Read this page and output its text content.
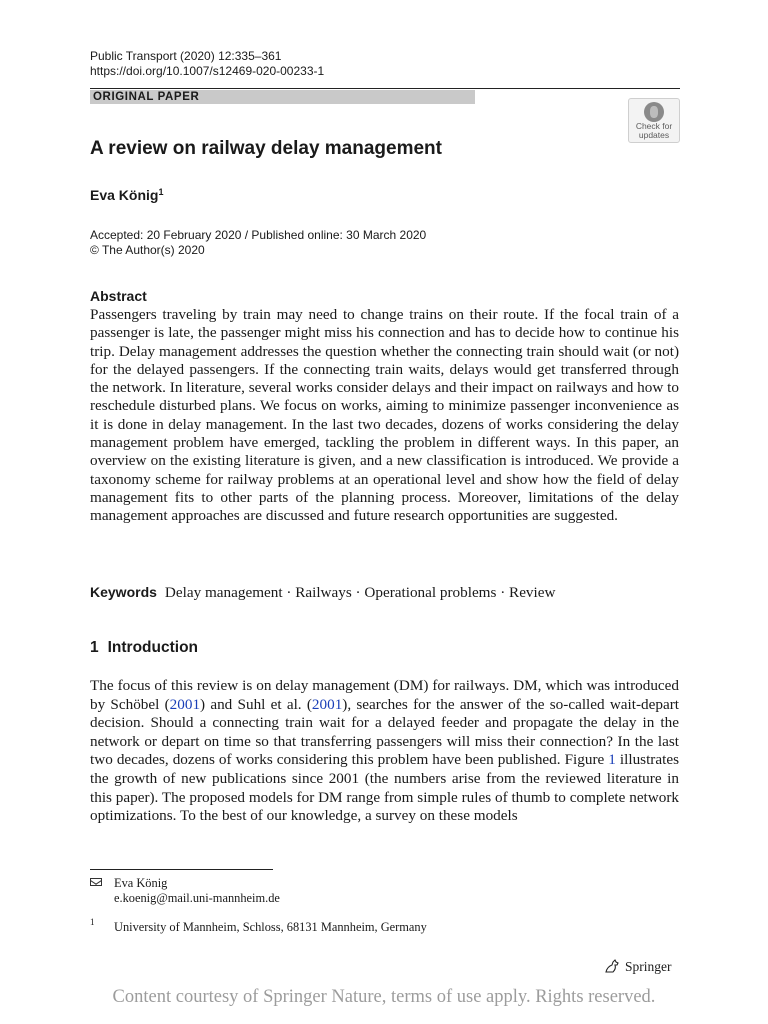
Public Transport (2020) 12:335–361
https://doi.org/10.1007/s12469-020-00233-1
ORIGINAL PAPER
Check for
updates
A review on railway delay management
Eva König$^1$
Accepted: 20 February 2020 / Published online: 30 March 2020
© The Author(s) 2020
Abstract
Passengers traveling by train may need to change trains on their route. If the focal train of a passenger is late, the passenger might miss his connection and has to decide how to continue his trip. Delay management addresses the question whether the connecting train should wait (or not) for the delayed passengers. If the connecting train waits, delays would get transferred through the network. In literature, several works consider delays and their impact on railways and how to reschedule disturbed plans. We focus on works, aiming to minimize passenger inconvenience as it is done in delay management. In the last two decades, dozens of works considering the delay management problem have emerged, tackling the problem in different ways. In this paper, an overview on the existing literature is given, and a new classification is introduced. We provide a taxonomy scheme for railway problems at an operational level and show how the field of delay management fits to other parts of the planning process. Moreover, limitations of the delay management approaches are discussed and future research opportunities are suggested.
Keywords Delay management · Railways · Operational problems · Review
1 Introduction
The focus of this review is on delay management (DM) for railways. DM, which was introduced by Schöbel (2001) and Suhl et al. (2001), searches for the answer of the so-called wait-depart decision. Should a connecting train wait for a delayed feeder and propagate the delay in the network or depart on time so that transferring passengers will miss their connection? In the last two decades, dozens of works considering this problem have been published. Figure 1 illustrates the growth of new publications since 2001 (the numbers arise from the reviewed literature in this paper). The proposed models for DM range from simple rules of thumb to complete network optimizations. To the best of our knowledge, a survey on these models
Eva König
e.koenig@mail.uni-mannheim.de
1 University of Mannheim, Schloss, 68131 Mannheim, Germany
Springer
Content courtesy of Springer Nature, terms of use apply. Rights reserved.
